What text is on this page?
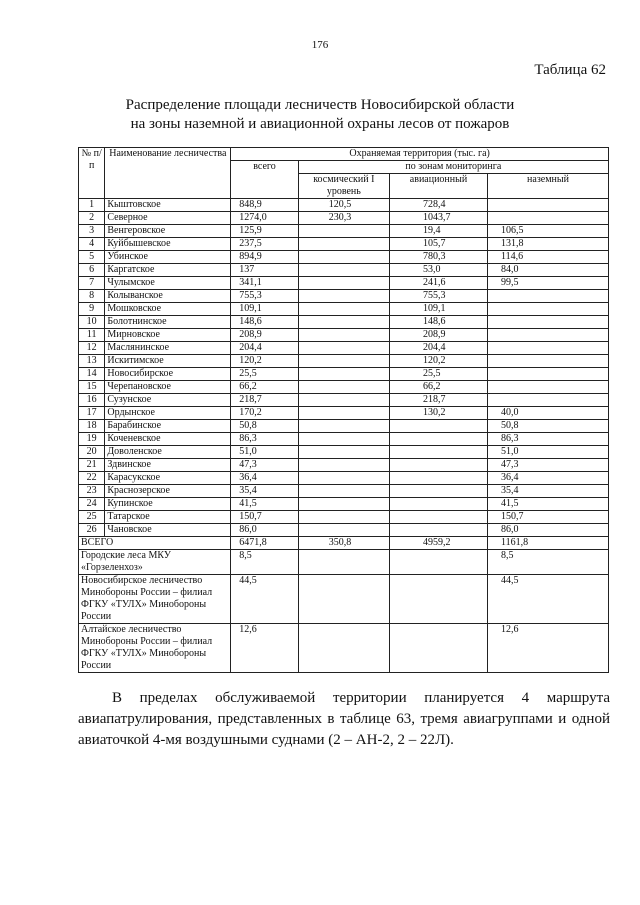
176
Таблица 62
Распределение площади лесничеств Новосибирской области
на зоны наземной и авиационной охраны лесов от пожаров
№ п/п	Наименование лесничества	Охраняемая территория (тыс. га)			
		всего	по зонам мониторинга		
			космический I уровень	авиационный	наземный
1	Кыштовское	848,9	120,5	728,4	
2	Северное	1274,0	230,3	1043,7	
3	Венгеровское	125,9		19,4	106,5
4	Куйбышевское	237,5		105,7	131,8
5	Убинское	894,9		780,3	114,6
6	Каргатское	137		53,0	84,0
7	Чулымское	341,1		241,6	99,5
8	Колыванское	755,3		755,3	
9	Мошковское	109,1		109,1	
10	Болотнинское	148,6		148,6	
11	Мирновское	208,9		208,9	
12	Маслянинское	204,4		204,4	
13	Искитимское	120,2		120,2	
14	Новосибирское	25,5		25,5	
15	Черепановское	66,2		66,2	
16	Сузунское	218,7		218,7	
17	Ордынское	170,2		130,2	40,0
18	Барабинское	50,8			50,8
19	Коченевское	86,3			86,3
20	Доволенское	51,0			51,0
21	Здвинское	47,3			47,3
22	Карасукское	36,4			36,4
23	Краснозерское	35,4			35,4
24	Купинское	41,5			41,5
25	Татарское	150,7			150,7
26	Чановское	86,0			86,0
ВСЕГО		6471,8	350,8	4959,2	1161,8
Городские леса МКУ «Горзеленхоз»		8,5			8,5
Новосибирское лесничество Минобороны России – филиал ФГКУ «ТУЛХ» Минобороны России		44,5			44,5
Алтайское лесничество Минобороны России – филиал ФГКУ «ТУЛХ» Минобороны России		12,6			12,6
В пределах обслуживаемой территории планируется 4 маршрута авиапатрулирования, представленных в таблице 63, тремя авиагруппами и одной авиаточкой 4-мя воздушными суднами (2 – АН-2, 2 – 22Л).
